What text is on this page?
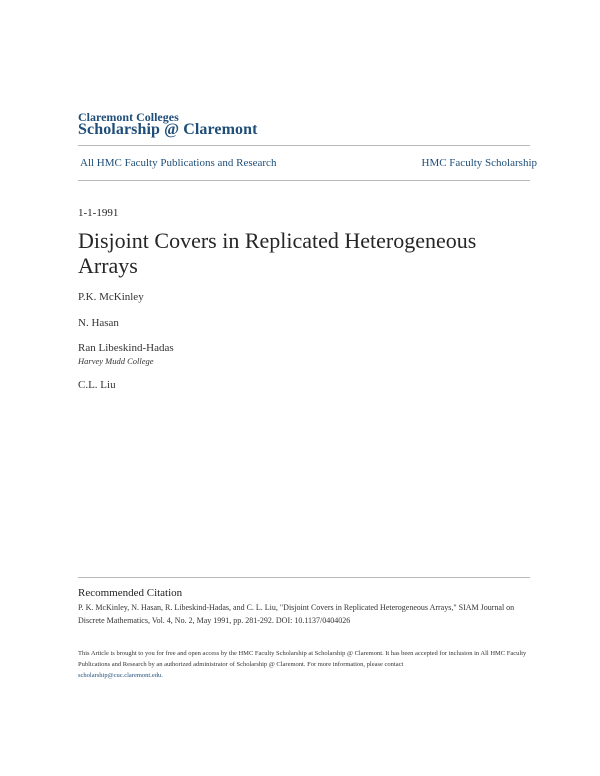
Claremont Colleges
Scholarship @ Claremont
All HMC Faculty Publications and Research	HMC Faculty Scholarship
1-1-1991
Disjoint Covers in Replicated Heterogeneous Arrays
P.K. McKinley
N. Hasan
Ran Libeskind-Hadas
Harvey Mudd College
C.L. Liu
Recommended Citation
P. K. McKinley, N. Hasan, R. Libeskind-Hadas, and C. L. Liu, "Disjoint Covers in Replicated Heterogeneous Arrays," SIAM Journal on Discrete Mathematics, Vol. 4, No. 2, May 1991, pp. 281-292. DOI: 10.1137/0404026
This Article is brought to you for free and open access by the HMC Faculty Scholarship at Scholarship @ Claremont. It has been accepted for inclusion in All HMC Faculty Publications and Research by an authorized administrator of Scholarship @ Claremont. For more information, please contact
scholarship@cuc.claremont.edu.
